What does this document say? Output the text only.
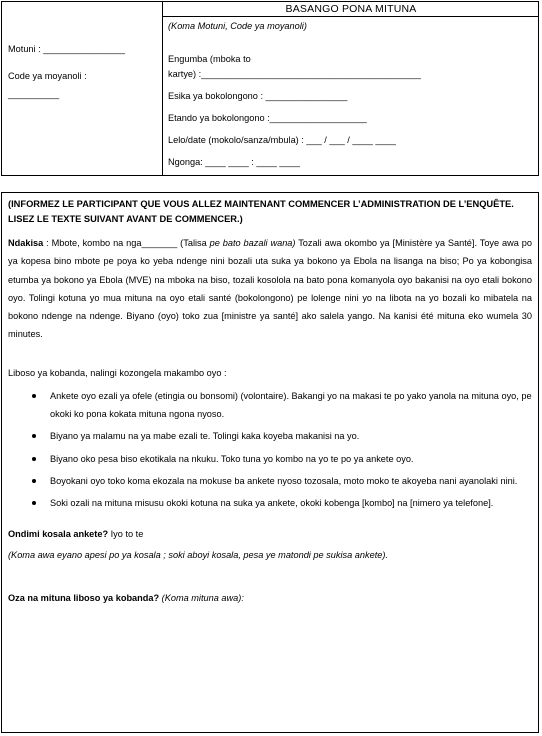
BASANGO PONA MITUNA
Motuni : ________________
Code ya moyanoli :
__________
(Koma Motuni, Code ya moyanoli)
Engumba (mboka to
kartye) :___________________________________________
Esika ya bokolongono : ________________
Etando ya bokolongono :___________________
Lelo/date (mokolo/sanza/mbula) : ___ / ___ / ____ ____
Ngonga: ____ ____ : ____ ____
(INFORMEZ LE PARTICIPANT QUE VOUS ALLEZ MAINTENANT COMMENCER L’ADMINISTRATION DE L’ENQUÊTE. LISEZ LE TEXTE SUIVANT AVANT DE COMMENCER.)

Ndakisa : Mbote, kombo na nga_______ (Talisa pe bato bazali wana) Tozali awa okombo ya [Ministère ya Santé]. Toye awa po ya kopesa bino mbote pe poya ko yeba ndenge nini bozali uta suka ya bokono ya Ebola na lisanga na biso; Po ya kobongisa etumba ya bokono ya Ebola (MVE) na mboka na biso, tozali kosolola na bato pona komanyola oyo bakanisi na oyo etali bokono oyo. Tolingi kotuna yo mua mituna na oyo etali santé (bokolongono) pe lolenge nini yo na libota na yo bozali ko mibatela na bokono ndenge na ndenge. Biyano (oyo) toko zua [ministre ya santé] ako salela yango. Na kanisi été mituna eko wumela 30 minutes.

Liboso ya kobanda, nalingi kozongela makambo oyo :
Ankete oyo ezali ya ofele (etingia ou bonsomi) (volontaire). Bakangi yo na makasi te po yako yanola na mituna oyo, pe okoki ko pona kokata mituna ngona nyoso.
Biyano ya malamu na ya mabe ezali te. Tolingi kaka koyeba makanisi na yo.
Biyano oko pesa biso ekotikala na nkuku. Toko tuna yo kombo na yo te po ya ankete oyo.
Boyokani oyo toko koma ekozala na mokuse ba ankete nyoso tozosala, moto moko te akoyeba nani ayanolaki nini.
Soki ozali na mituna misusu okoki kotuna na suka ya ankete, okoki kobenga [kombo] na [nimero ya telefone].
Ondimi kosala ankete? Iyo to te
(Koma awa eyano apesi po ya kosala ; soki aboyi kosala, pesa ye matondi pe sukisa ankete).
Oza na mituna liboso ya kobanda? (Koma mituna awa):
